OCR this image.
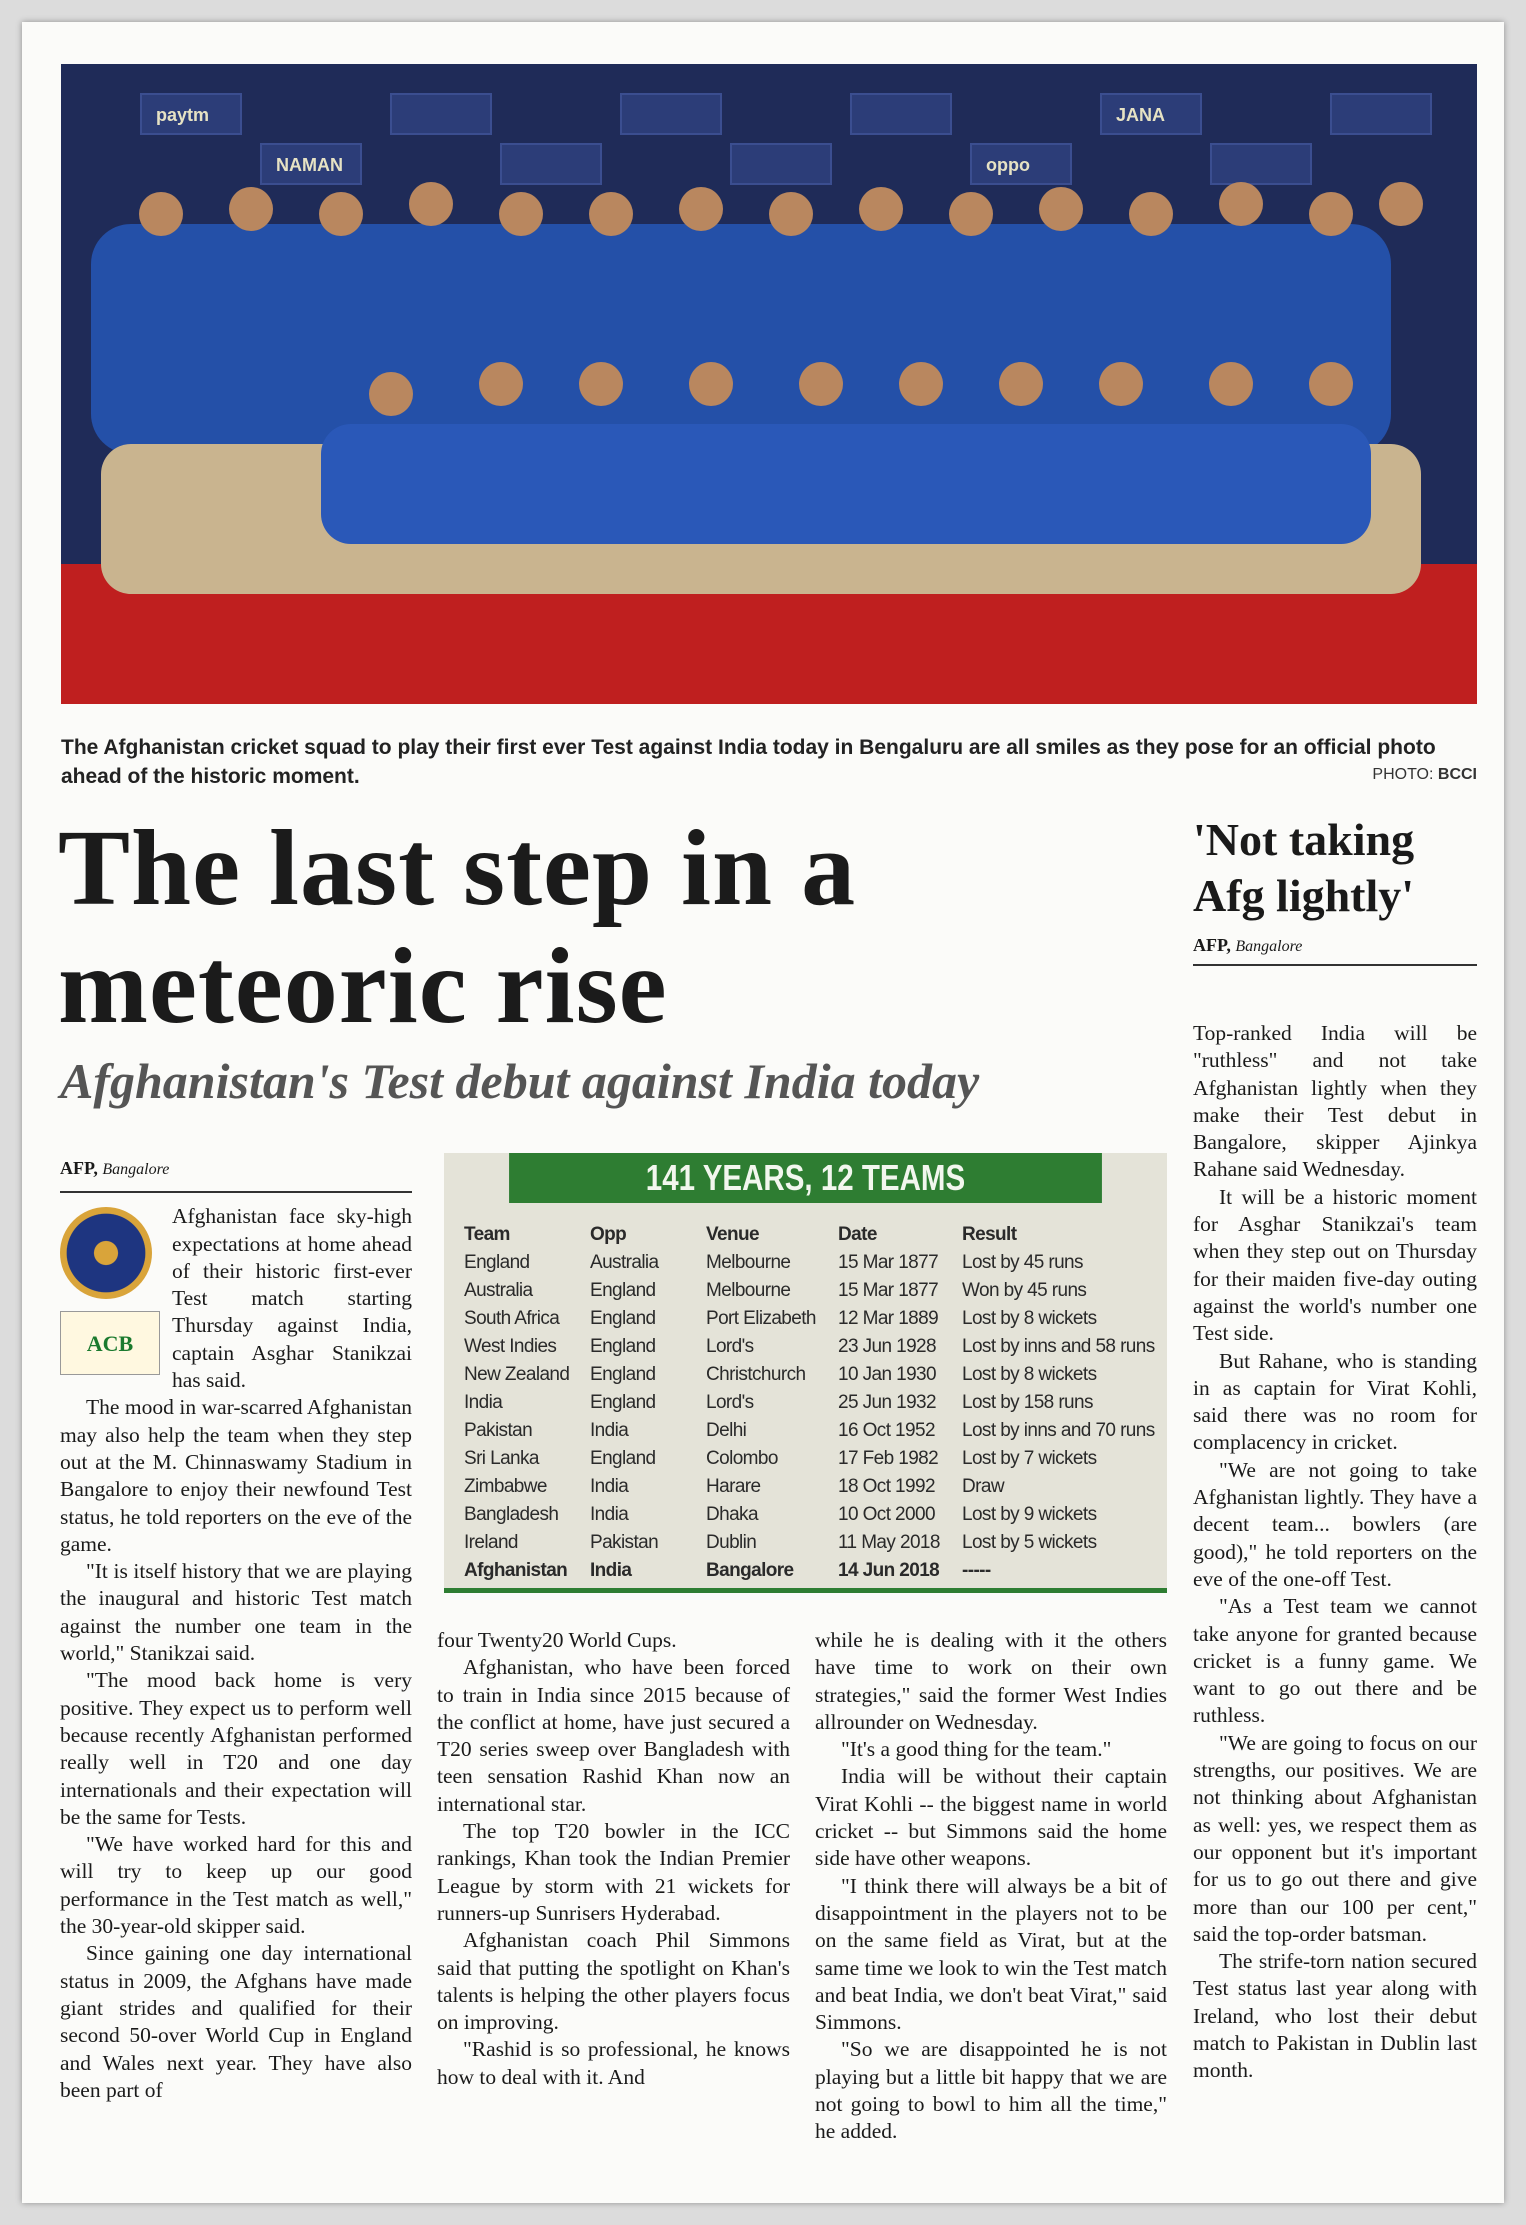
paytm
NAMAN	oppo
JANA
The Afghanistan cricket squad to play their first ever Test against India today in Bengaluru are all smiles as they pose for an official photo ahead of the historic moment.	PHOTO: BCCI
The last step in a
meteoric rise
Afghanistan's Test debut against India today
AFP, Bangalore
ACB

Afghanistan face sky-high expectations at home ahead of their historic first-ever Test match starting Thursday against India, captain Asghar Stanikzai has said.

The mood in war-scarred Afghanistan may also help the team when they step out at the M. Chinnaswamy Stadium in Bangalore to enjoy their newfound Test status, he told reporters on the eve of the game.

"It is itself history that we are playing the inaugural and historic Test match against the number one team in the world," Stanikzai said.

"The mood back home is very positive. They expect us to perform well because recently Afghanistan performed really well in T20 and one day internationals and their expectation will be the same for Tests.

"We have worked hard for this and will try to keep up our good performance in the Test match as well," the 30-year-old skipper said.

Since gaining one day international status in 2009, the Afghans have made giant strides and qualified for their second 50-over World Cup in England and Wales next year. They have also been part of

141 YEARS, 12 TEAMS
Team	Opp	Venue	Date	Result
England	Australia	Melbourne	15 Mar 1877	Lost by 45 runs
Australia	England	Melbourne	15 Mar 1877	Won by 45 runs
South Africa	England	Port Elizabeth	12 Mar 1889	Lost by 8 wickets
West Indies	England	Lord's	23 Jun 1928	Lost by inns and 58 runs
New Zealand	England	Christchurch	10 Jan 1930	Lost by 8 wickets
India	England	Lord's	25 Jun 1932	Lost by 158 runs
Pakistan	India	Delhi	16 Oct 1952	Lost by inns and 70 runs
Sri Lanka	England	Colombo	17 Feb 1982	Lost by 7 wickets
Zimbabwe	India	Harare	18 Oct 1992	Draw
Bangladesh	India	Dhaka	10 Oct 2000	Lost by 9 wickets
Ireland	Pakistan	Dublin	11 May 2018	Lost by 5 wickets
Afghanistan	India	Bangalore	14 Jun 2018	-----

four Twenty20 World Cups.

Afghanistan, who have been forced to train in India since 2015 because of the conflict at home, have just secured a T20 series sweep over Bangladesh with teen sensation Rashid Khan now an international star.

The top T20 bowler in the ICC rankings, Khan took the Indian Premier League by storm with 21 wickets for runners-up Sunrisers Hyderabad.

Afghanistan coach Phil Simmons said that putting the spotlight on Khan's talents is helping the other players focus on improving.

"Rashid is so professional, he knows how to deal with it. And

while he is dealing with it the others have time to work on their own strategies," said the former West Indies allrounder on Wednesday.

"It's a good thing for the team."

India will be without their captain Virat Kohli -- the biggest name in world cricket -- but Simmons said the home side have other weapons.

"I think there will always be a bit of disappointment in the players not to be on the same field as Virat, but at the same time we look to win the Test match and beat India, we don't beat Virat," said Simmons.

"So we are disappointed he is not playing but a little bit happy that we are not going to bowl to him all the time," he added.

'Not taking Afg lightly'
AFP, Bangalore

Top-ranked India will be "ruthless" and not take Afghanistan lightly when they make their Test debut in Bangalore, skipper Ajinkya Rahane said Wednesday.

It will be a historic moment for Asghar Stanikzai's team when they step out on Thursday for their maiden five-day outing against the world's number one Test side.

But Rahane, who is standing in as captain for Virat Kohli, said there was no room for complacency in cricket.

"We are not going to take Afghanistan lightly. They have a decent team... bowlers (are good)," he told reporters on the eve of the one-off Test.

"As a Test team we cannot take anyone for granted because cricket is a funny game. We want to go out there and be ruthless.

"We are going to focus on our strengths, our positives. We are not thinking about Afghanistan as well: yes, we respect them as our opponent but it's important for us to go out there and give more than our 100 per cent," said the top-order batsman.

The strife-torn nation secured Test status last year along with Ireland, who lost their debut match to Pakistan in Dublin last month.
